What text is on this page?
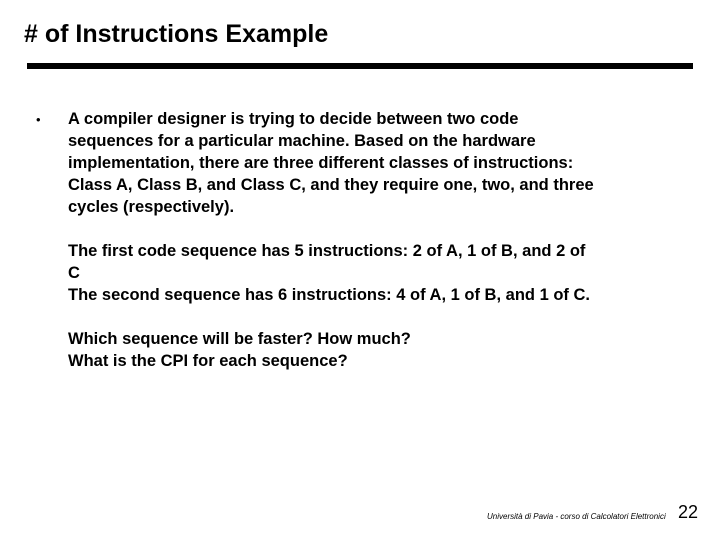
# of Instructions Example
• A compiler designer is trying to decide between two code
sequences for a particular machine. Based on the hardware
implementation, there are three different classes of instructions:
Class A, Class B, and Class C, and they require one, two, and three
cycles (respectively).
The first code sequence has 5 instructions: 2 of A, 1 of B, and 2 of
C
The second sequence has 6 instructions: 4 of A, 1 of B, and 1 of C.
Which sequence will be faster? How much?
What is the CPI for each sequence?
Università di Pavia - corso di Calcolatori Elettronici 22
